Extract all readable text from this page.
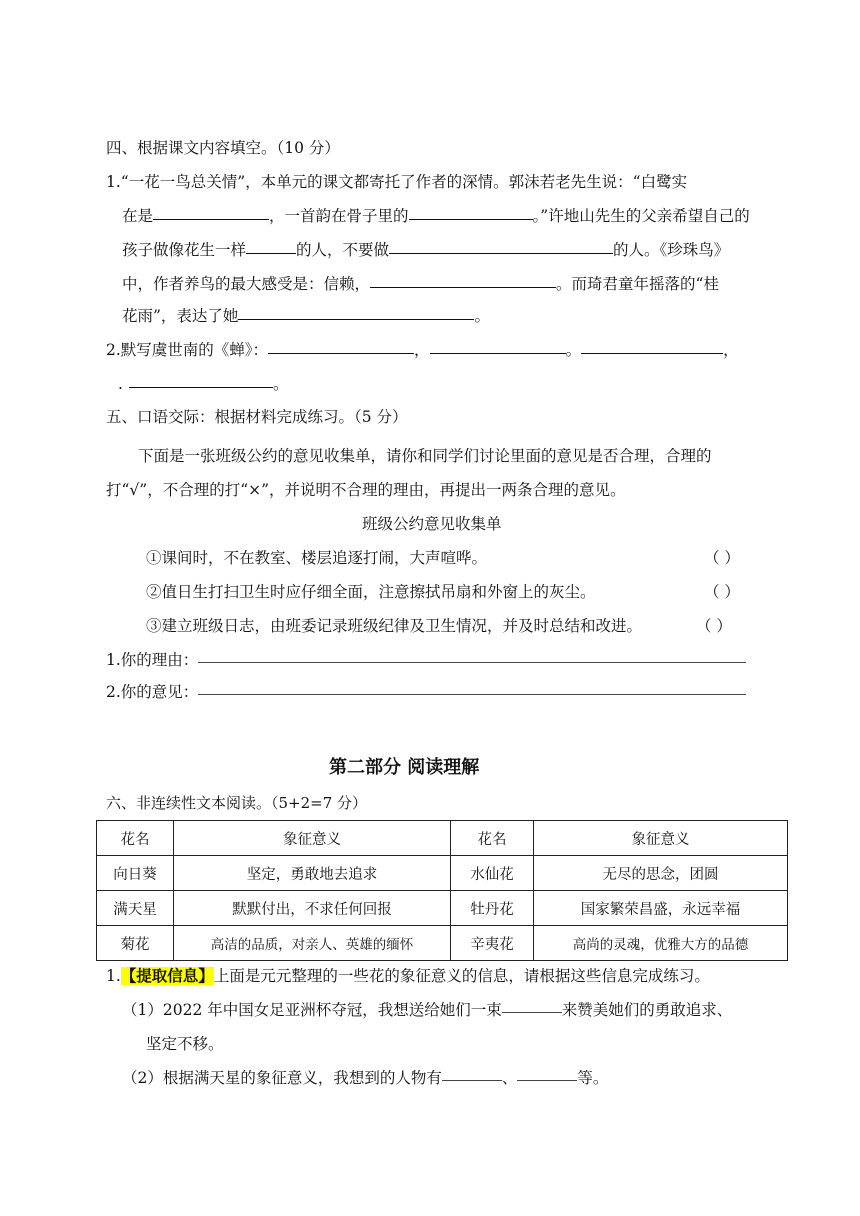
四、根据课文内容填空。（10 分）
1.“一花一鸟总关情”，本单元的课文都寄托了作者的深情。郭沫若老先生说：“白鹭实
在是	，一首韵在骨子里的	。”许地山先生的父亲希望自己的
孩子做像花生一样	的人，不要做	的人。《珍珠鸟》
中，作者养鸟的最大感受是：信赖，	。而琦君童年摇落的“桂
花雨”，表达了她	。
2.默写虞世南的《蝉》：	，	。	，
.	。
五、口语交际：根据材料完成练习。（5 分）
下面是一张班级公约的意见收集单，请你和同学们讨论里面的意见是否合理，合理的
打“√”，不合理的打“×”，并说明不合理的理由，再提出一两条合理的意见。
班级公约意见收集单
①课间时，不在教室、楼层追逐打闹，大声喧哗。	（ ）
②值日生打扫卫生时应仔细全面，注意擦拭吊扇和外窗上的灰尘。	（ ）
③建立班级日志，由班委记录班级纪律及卫生情况，并及时总结和改进。	（ ）
1.你的理由：
2.你的意见：
第二部分 阅读理解
六、非连续性文本阅读。（5+2=7 分）
花名	象征意义	花名	象征意义
向日葵	坚定，勇敢地去追求	水仙花	无尽的思念，团圆
满天星	默默付出，不求任何回报	牡丹花	国家繁荣昌盛，永远幸福
菊花	高洁的品质，对亲人、英雄的缅怀	辛夷花	高尚的灵魂，优雅大方的品德
1.【提取信息】上面是元元整理的一些花的象征意义的信息，请根据这些信息完成练习。
（1）2022 年中国女足亚洲杯夺冠，我想送给她们一束	来赞美她们的勇敢追求、
坚定不移。
（2）根据满天星的象征意义，我想到的人物有	、	等。
